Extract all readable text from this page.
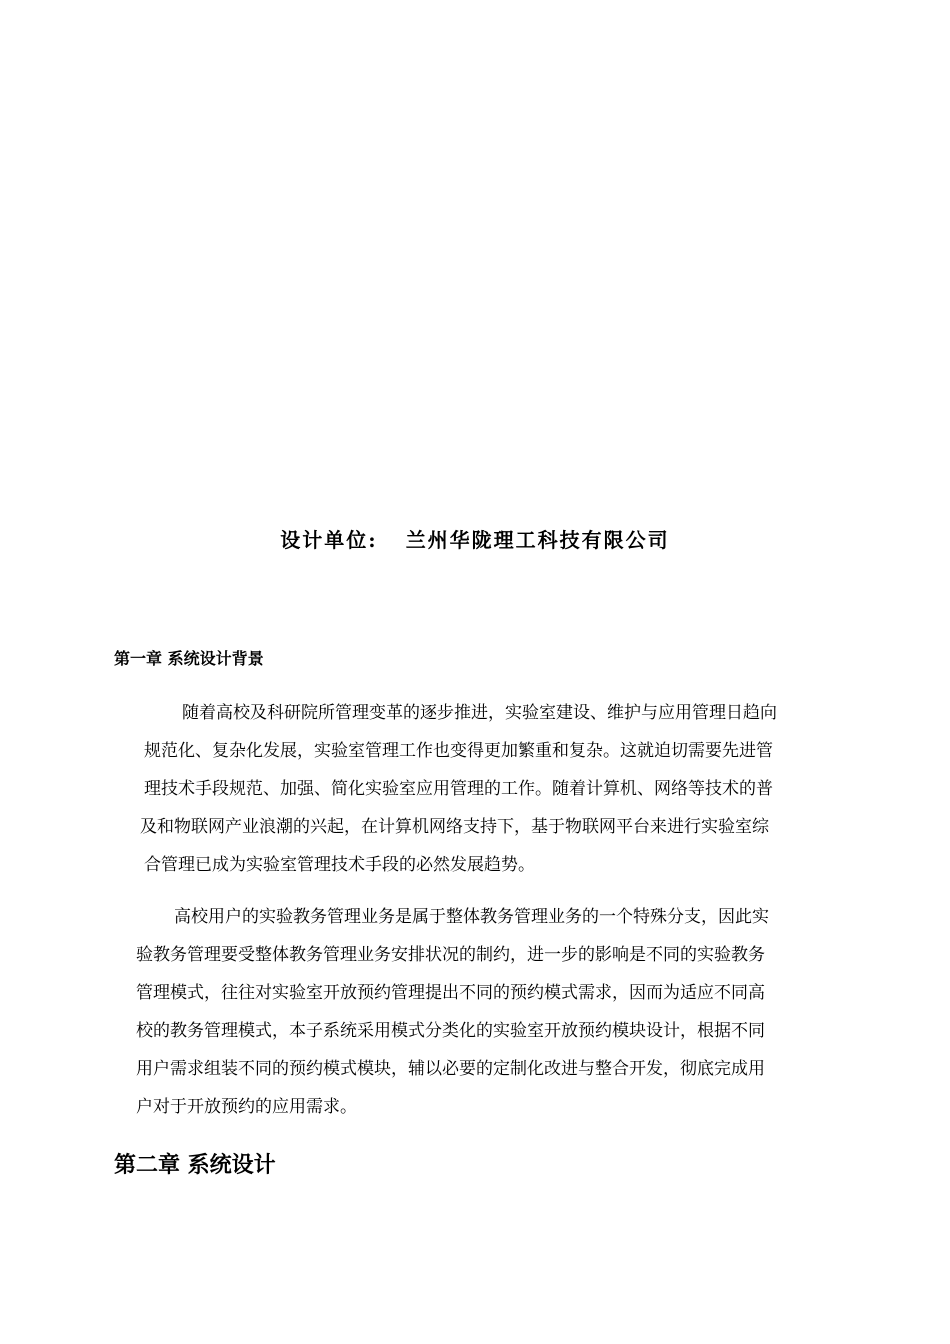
设计单位: 兰州华陇理工科技有限公司
第一章 系统设计背景
随着高校及科研院所管理变革的逐步推进，实验室建设、维护与应用管理日趋向
规范化、复杂化发展，实验室管理工作也变得更加繁重和复杂。这就迫切需要先进管
理技术手段规范、加强、简化实验室应用管理的工作。随着计算机、网络等技术的普
及和物联网产业浪潮的兴起，在计算机网络支持下，基于物联网平台来进行实验室综
合管理已成为实验室管理技术手段的必然发展趋势。
高校用户的实验教务管理业务是属于整体教务管理业务的一个特殊分支，因此实
验教务管理要受整体教务管理业务安排状况的制约，进一步的影响是不同的实验教务
管理模式，往往对实验室开放预约管理提出不同的预约模式需求，因而为适应不同高
校的教务管理模式，本子系统采用模式分类化的实验室开放预约模块设计，根据不同
用户需求组装不同的预约模式模块，辅以必要的定制化改进与整合开发，彻底完成用
户对于开放预约的应用需求。
第二章 系统设计
